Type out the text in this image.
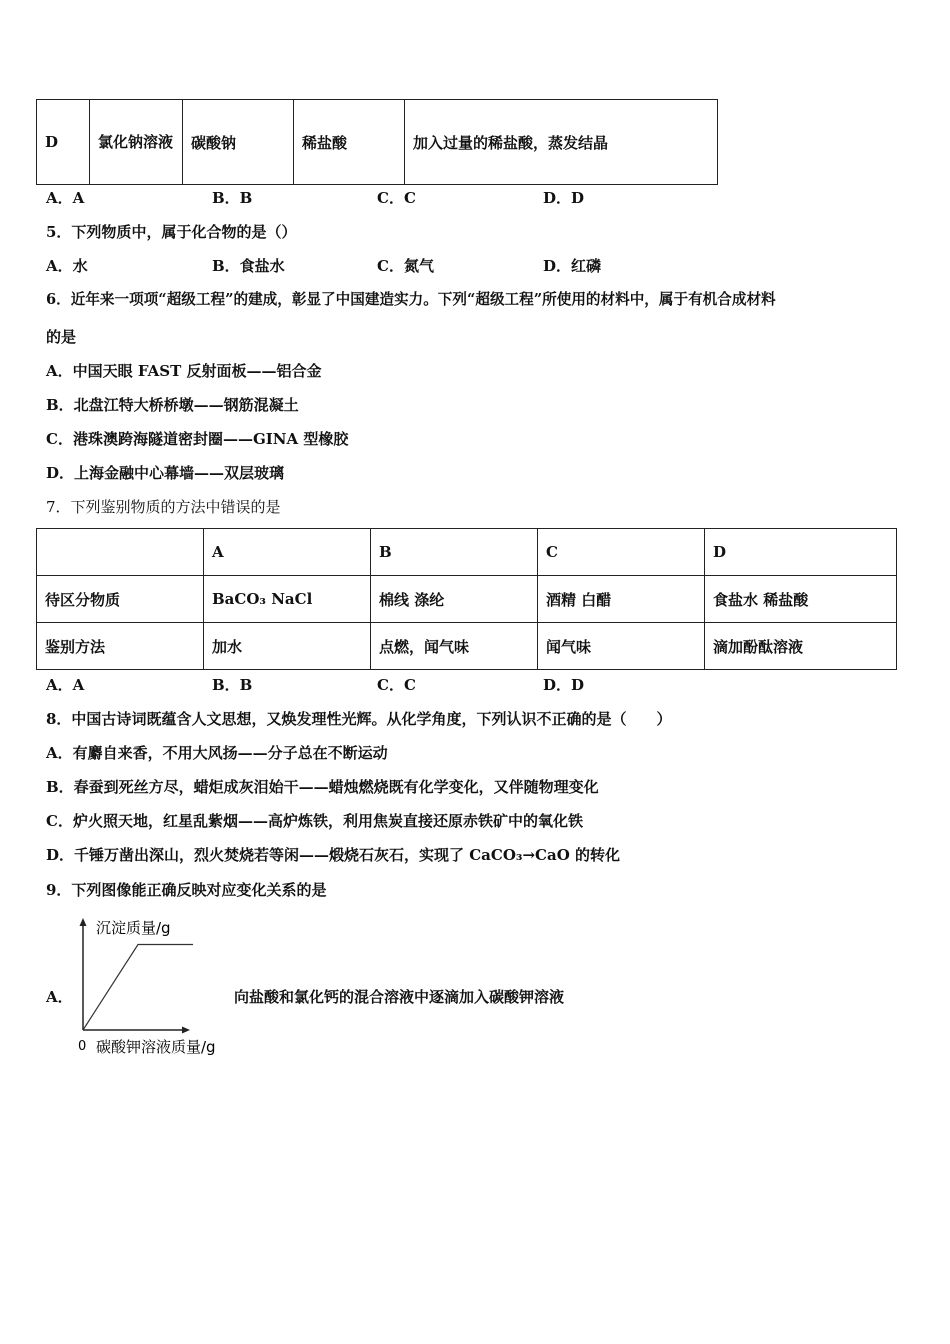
D	氯化钠溶液	碳酸钠	稀盐酸	加入过量的稀盐酸，蒸发结晶
A．A	B．B	C．C	D．D
5．下列物质中，属于化合物的是（）
A．水	B．食盐水	C．氮气	D．红磷
6．近年来一项项“超级工程”的建成，彰显了中国建造实力。下列“超级工程”所使用的材料中，属于有机合成材料
的是
A．中国天眼 FAST 反射面板——铝合金
B．北盘江特大桥桥墩——钢筋混凝土
C．港珠澳跨海隧道密封圈——GINA 型橡胶
D．上海金融中心幕墙——双层玻璃
7．下列鉴别物质的方法中错误的是
	A	B	C	D
待区分物质	BaCO₃ NaCl	棉线 涤纶	酒精 白醋	食盐水 稀盐酸
鉴别方法	加水	点燃，闻气味	闻气味	滴加酚酞溶液
A．A	B．B	C．C	D．D
8．中国古诗词既蕴含人文思想，又焕发理性光辉。从化学角度，下列认识不正确的是（　　）
A．有麝自来香，不用大风扬——分子总在不断运动
B．春蚕到死丝方尽，蜡炬成灰泪始干——蜡烛燃烧既有化学变化，又伴随物理变化
C．炉火照天地，红星乱紫烟——高炉炼铁，利用焦炭直接还原赤铁矿中的氧化铁
D．千锤万凿出深山，烈火焚烧若等闲——煅烧石灰石，实现了 CaCO₃→CaO 的转化
9．下列图像能正确反映对应变化关系的是
A．	向盐酸和氯化钙的混合溶液中逐滴加入碳酸钾溶液
沉淀质量/g
0 碳酸钾溶液质量/g
